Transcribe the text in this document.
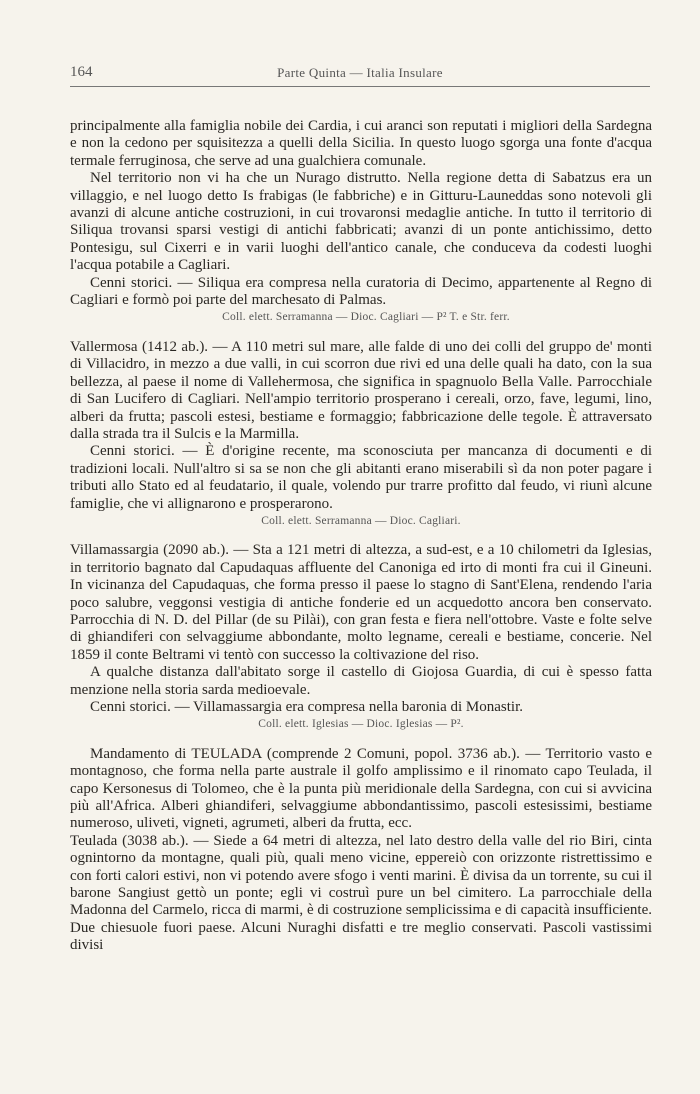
164	Parte Quinta — Italia Insulare

principalmente alla famiglia nobile dei Cardia, i cui aranci son reputati i migliori della Sardegna e non la cedono per squisitezza a quelli della Sicilia. In questo luogo sgorga una fonte d'acqua termale ferruginosa, che serve ad una gualchiera comunale.

Nel territorio non vi ha che un Nurago distrutto. Nella regione detta di Sabatzus era un villaggio, e nel luogo detto Is frabigas (le fabbriche) e in Gitturu-Launeddas sono notevoli gli avanzi di alcune antiche costruzioni, in cui trovaronsi medaglie antiche. In tutto il territorio di Siliqua trovansi sparsi vestigi di antichi fabbricati; avanzi di un ponte antichissimo, detto Pontesigu, sul Cixerri e in varii luoghi dell'antico canale, che conduceva da codesti luoghi l'acqua potabile a Cagliari.

Cenni storici. — Siliqua era compresa nella curatoria di Decimo, appartenente al Regno di Cagliari e formò poi parte del marchesato di Palmas.

Coll. elett. Serramanna — Dioc. Cagliari — P² T. e Str. ferr.

Vallermosa (1412 ab.). — A 110 metri sul mare, alle falde di uno dei colli del gruppo de' monti di Villacidro, in mezzo a due valli, in cui scorron due rivi ed una delle quali ha dato, con la sua bellezza, al paese il nome di Vallehermosa, che significa in spagnuolo Bella Valle. Parrocchiale di San Lucifero di Cagliari. Nell'ampio territorio prosperano i cereali, orzo, fave, legumi, lino, alberi da frutta; pascoli estesi, bestiame e formaggio; fabbricazione delle tegole. È attraversato dalla strada tra il Sulcis e la Marmilla.

Cenni storici. — È d'origine recente, ma sconosciuta per mancanza di documenti e di tradizioni locali. Null'altro si sa se non che gli abitanti erano miserabili sì da non poter pagare i tributi allo Stato ed al feudatario, il quale, volendo pur trarre profitto dal feudo, vi riunì alcune famiglie, che vi allignarono e prosperarono.

Coll. elett. Serramanna — Dioc. Cagliari.

Villamassargia (2090 ab.). — Sta a 121 metri di altezza, a sud-est, e a 10 chilometri da Iglesias, in territorio bagnato dal Capudaquas affluente del Canoniga ed irto di monti fra cui il Gineuni. In vicinanza del Capudaquas, che forma presso il paese lo stagno di Sant'Elena, rendendo l'aria poco salubre, veggonsi vestigia di antiche fonderie ed un acquedotto ancora ben conservato. Parrocchia di N. D. del Pillar (de su Pilài), con gran festa e fiera nell'ottobre. Vaste e folte selve di ghiandiferi con selvaggiume abbondante, molto legname, cereali e bestiame, concerie. Nel 1859 il conte Beltrami vi tentò con successo la coltivazione del riso.

A qualche distanza dall'abitato sorge il castello di Giojosa Guardia, di cui è spesso fatta menzione nella storia sarda medioevale.

Cenni storici. — Villamassargia era compresa nella baronia di Monastir.

Coll. elett. Iglesias — Dioc. Iglesias — P².

Mandamento di TEULADA (comprende 2 Comuni, popol. 3736 ab.). — Territorio vasto e montagnoso, che forma nella parte australe il golfo amplissimo e il rinomato capo Teulada, il capo Kersonesus di Tolomeo, che è la punta più meridionale della Sardegna, con cui si avvicina più all'Africa. Alberi ghiandiferi, selvaggiume abbondantissimo, pascoli estesissimi, bestiame numeroso, uliveti, vigneti, agrumeti, alberi da frutta, ecc.

Teulada (3038 ab.). — Siede a 64 metri di altezza, nel lato destro della valle del rio Biri, cinta ognintorno da montagne, quali più, quali meno vicine, eppereiò con orizzonte ristrettissimo e con forti calori estivi, non vi potendo avere sfogo i venti marini. È divisa da un torrente, su cui il barone Sangiust gettò un ponte; egli vi costruì pure un bel cimitero. La parrocchiale della Madonna del Carmelo, ricca di marmi, è di costruzione semplicissima e di capacità insufficiente. Due chiesuole fuori paese. Alcuni Nuraghi disfatti e tre meglio conservati. Pascoli vastissimi divisi
